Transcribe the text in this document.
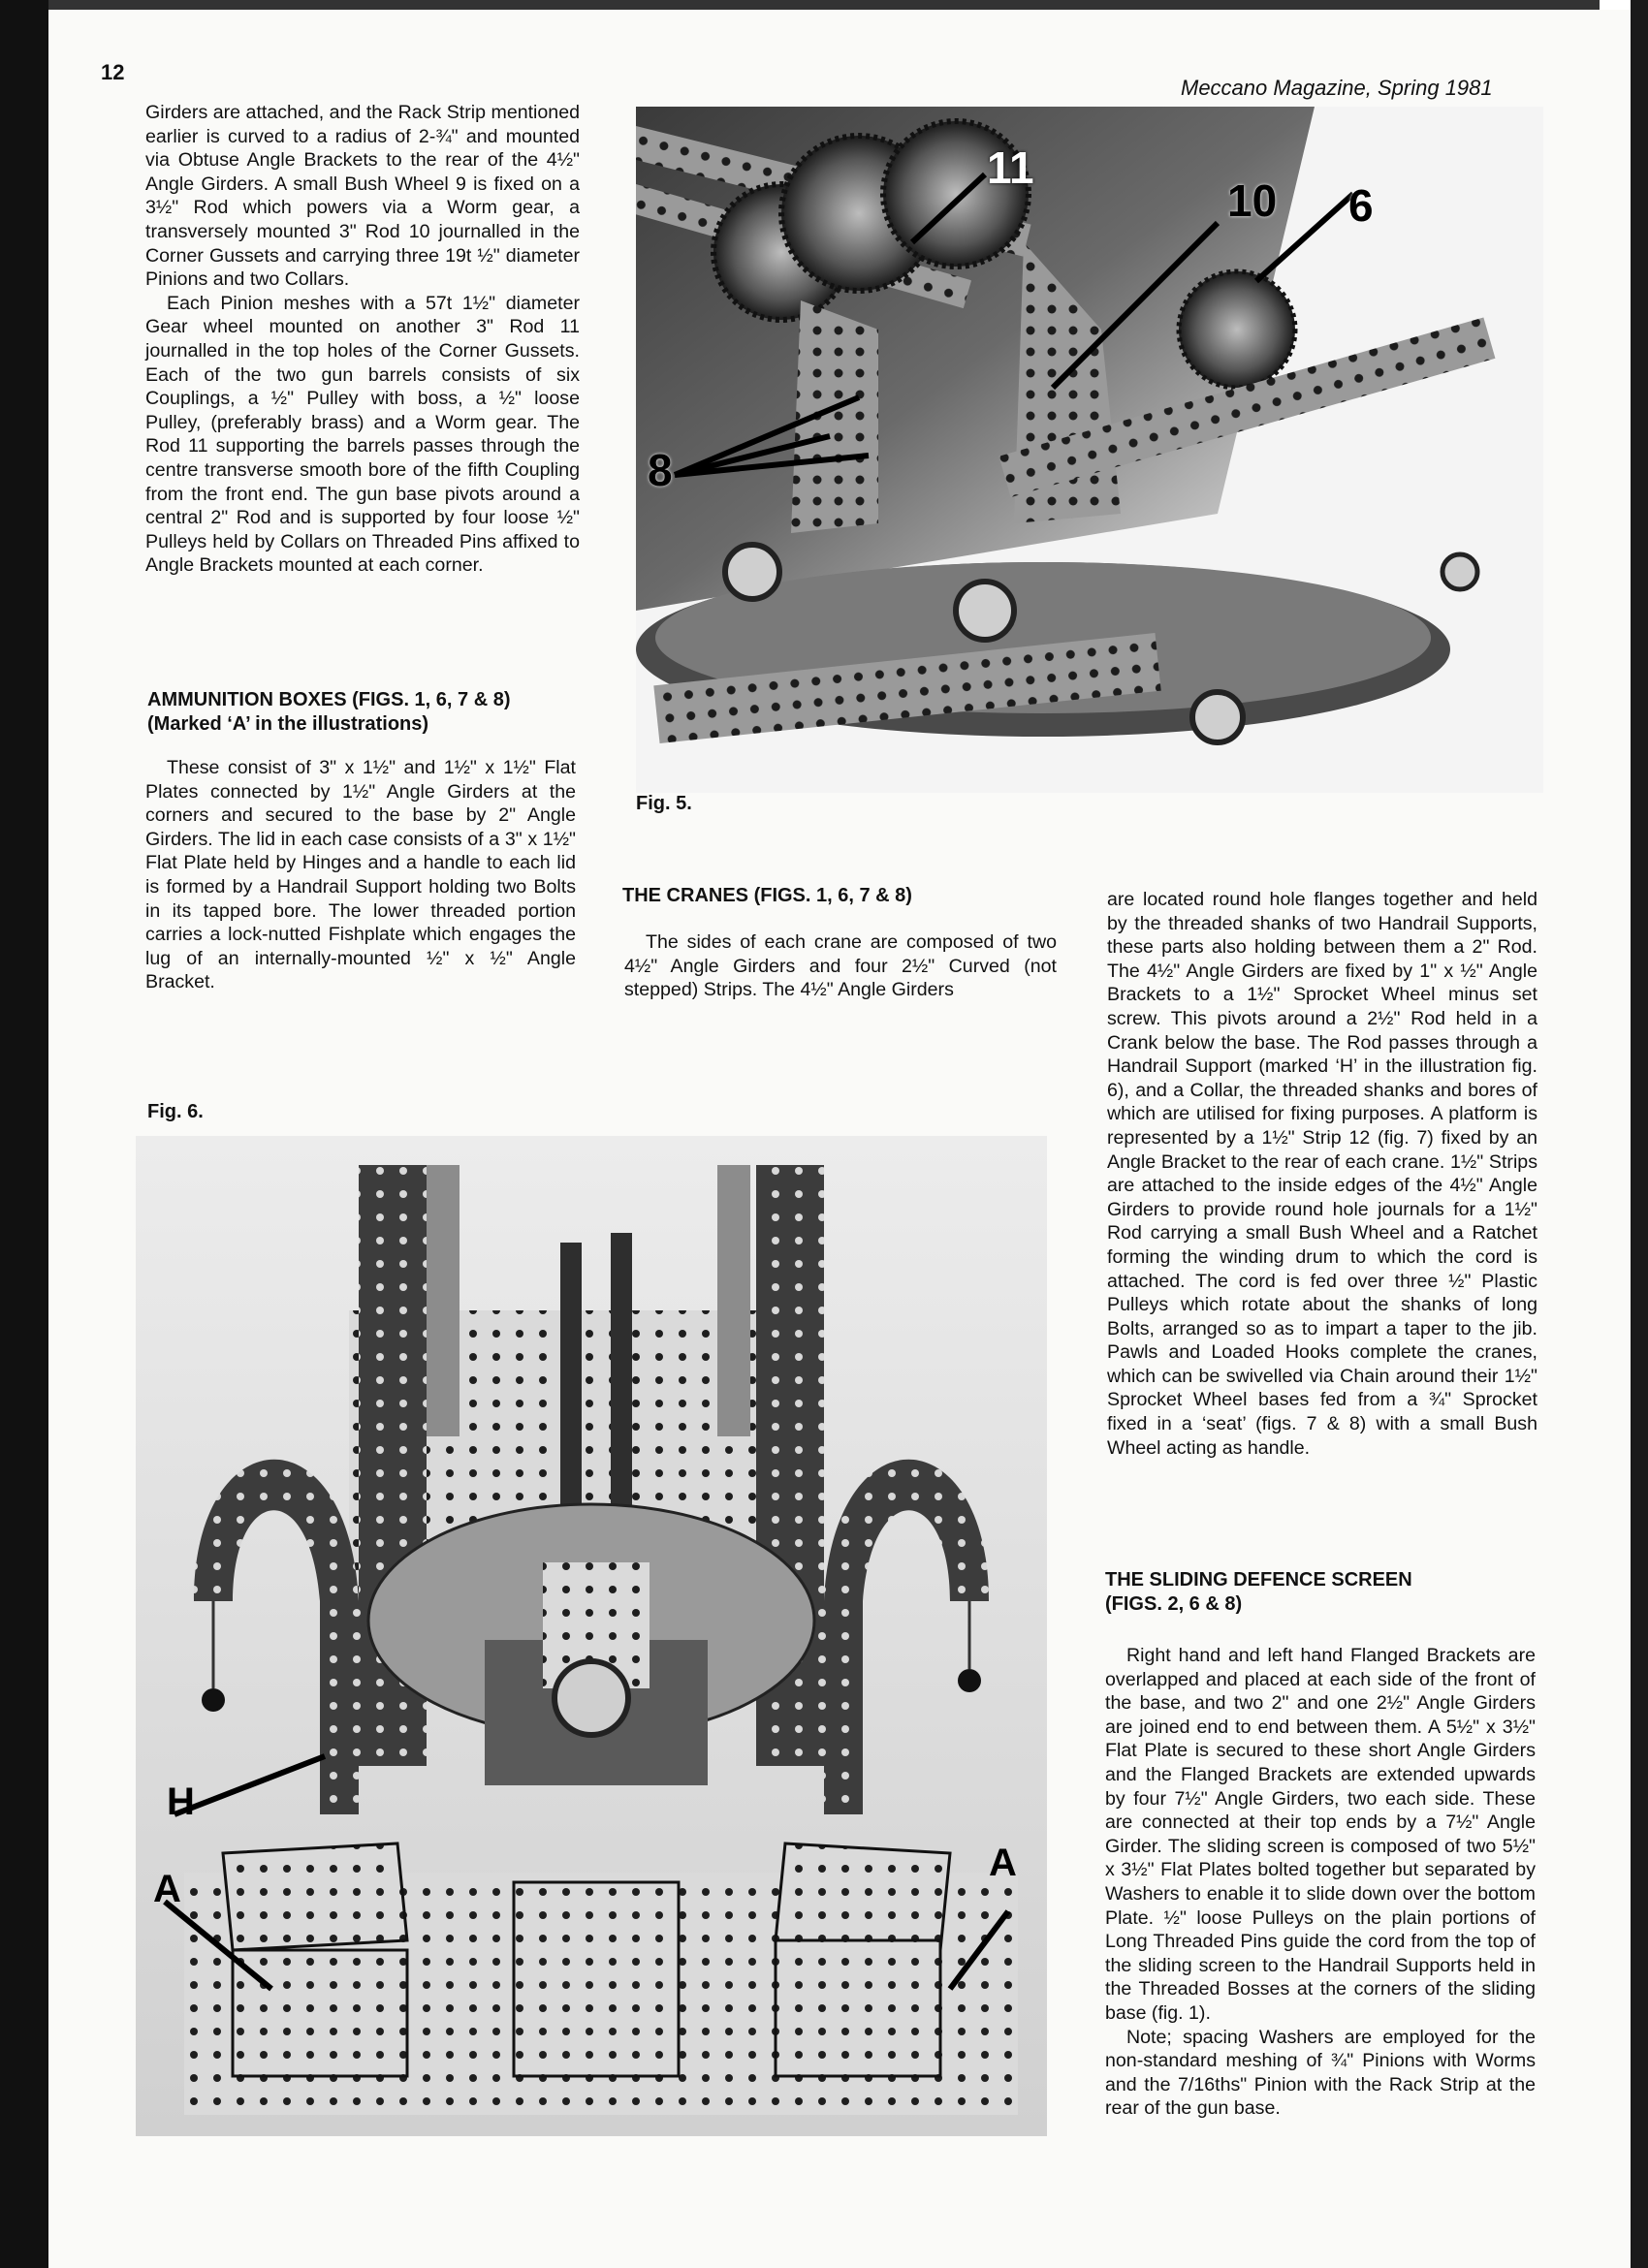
12
Meccano Magazine, Spring 1981

Girders are attached, and the Rack Strip mentioned earlier is curved to a radius of 2-¾" and mounted via Obtuse Angle Brackets to the rear of the 4½" Angle Girders. A small Bush Wheel 9 is fixed on a 3½" Rod which powers via a Worm gear, a transversely mounted 3" Rod 10 journalled in the Corner Gussets and carrying three 19t ½" diameter Pinions and two Collars.

Each Pinion meshes with a 57t 1½" diameter Gear wheel mounted on another 3" Rod 11 journalled in the top holes of the Corner Gussets. Each of the two gun barrels consists of six Couplings, a ½" Pulley with boss, a ½" loose Pulley, (preferably brass) and a Worm gear. The Rod 11 supporting the barrels passes through the centre transverse smooth bore of the fifth Coupling from the front end. The gun base pivots around a central 2" Rod and is supported by four loose ½" Pulleys held by Collars on Threaded Pins affixed to Angle Brackets mounted at each corner.

8
11
10 6
Fig. 5.
AMMUNITION BOXES (FIGS. 1, 6, 7 & 8)
(Marked ‘A’ in the illustrations)

These consist of 3" x 1½" and 1½" x 1½" Flat Plates connected by 1½" Angle Girders at the corners and secured to the base by 2" Angle Girders. The lid in each case consists of a 3" x 1½" Flat Plate held by Hinges and a handle to each lid is formed by a Handrail Support holding two Bolts in its tapped bore. The lower threaded portion carries a lock-nutted Fishplate which engages the lug of an internally-mounted ½" x ½" Angle Bracket.

THE CRANES (FIGS. 1, 6, 7 & 8)

The sides of each crane are composed of two 4½" Angle Girders and four 2½" Curved (not stepped) Strips. The 4½" Angle Girders

are located round hole flanges together and held by the threaded shanks of two Handrail Supports, these parts also holding between them a 2" Rod. The 4½" Angle Girders are fixed by 1" x ½" Angle Brackets to a 1½" Sprocket Wheel minus set screw. This pivots around a 2½" Rod held in a Crank below the base. The Rod passes through a Handrail Support (marked ‘H’ in the illustration fig. 6), and a Collar, the threaded shanks and bores of which are utilised for fixing purposes. A platform is represented by a 1½" Strip 12 (fig. 7) fixed by an Angle Bracket to the rear of each crane. 1½" Strips are attached to the inside edges of the 4½" Angle Girders to provide round hole journals for a 1½" Rod carrying a small Bush Wheel and a Ratchet forming the winding drum to which the cord is attached. The cord is fed over three ½" Plastic Pulleys which rotate about the shanks of long Bolts, arranged so as to impart a taper to the jib. Pawls and Loaded Hooks complete the cranes, which can be swivelled via Chain around their 1½" Sprocket Wheel bases fed from a ¾" Sprocket fixed in a ‘seat’ (figs. 7 & 8) with a small Bush Wheel acting as handle.

Fig. 6.
H
A
A
THE SLIDING DEFENCE SCREEN
(FIGS. 2, 6 & 8)

Right hand and left hand Flanged Brackets are overlapped and placed at each side of the front of the base, and two 2" and one 2½" Angle Girders are joined end to end between them. A 5½" x 3½" Flat Plate is secured to these short Angle Girders and the Flanged Brackets are extended upwards by four 7½" Angle Girders, two each side. These are connected at their top ends by a 7½" Angle Girder. The sliding screen is composed of two 5½" x 3½" Flat Plates bolted together but separated by Washers to enable it to slide down over the bottom Plate. ½" loose Pulleys on the plain portions of Long Threaded Pins guide the cord from the top of the sliding screen to the Handrail Supports held in the Threaded Bosses at the corners of the sliding base (fig. 1).

Note; spacing Washers are employed for the non-standard meshing of ¾" Pinions with Worms and the 7/16ths" Pinion with the Rack Strip at the rear of the gun base.
